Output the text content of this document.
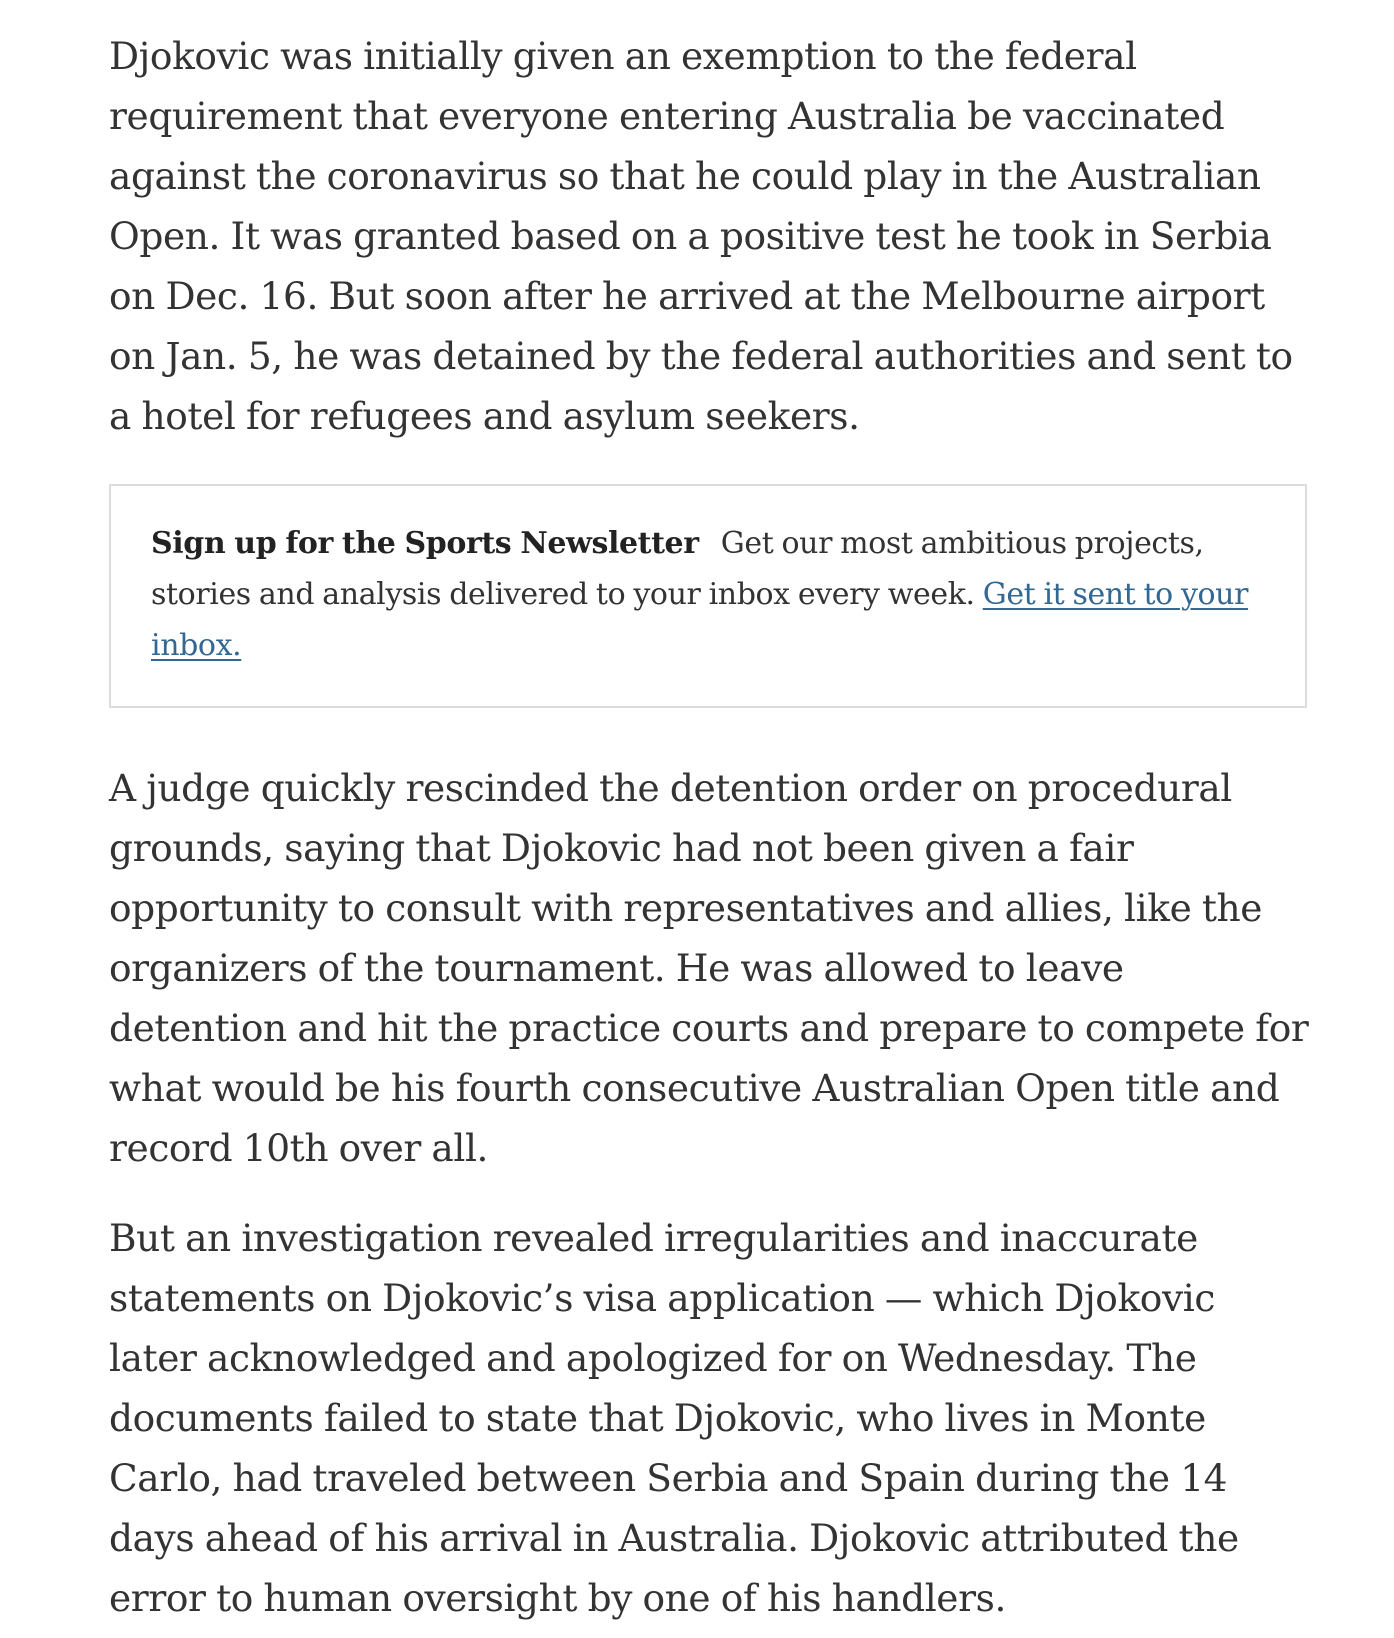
Djokovic was initially given an exemption to the federal requirement that everyone entering Australia be vaccinated against the coronavirus so that he could play in the Australian Open. It was granted based on a positive test he took in Serbia on Dec. 16. But soon after he arrived at the Melbourne airport on Jan. 5, he was detained by the federal authorities and sent to a hotel for refugees and asylum seekers.

Sign up for the Sports Newsletter Get our most ambitious projects, stories and analysis delivered to your inbox every week. Get it sent to your inbox.

A judge quickly rescinded the detention order on procedural grounds, saying that Djokovic had not been given a fair opportunity to consult with representatives and allies, like the organizers of the tournament. He was allowed to leave detention and hit the practice courts and prepare to compete for what would be his fourth consecutive Australian Open title and record 10th over all.

But an investigation revealed irregularities and inaccurate statements on Djokovic’s visa application — which Djokovic later acknowledged and apologized for on Wednesday. The documents failed to state that Djokovic, who lives in Monte Carlo, had traveled between Serbia and Spain during the 14 days ahead of his arrival in Australia. Djokovic attributed the error to human oversight by one of his handlers.
